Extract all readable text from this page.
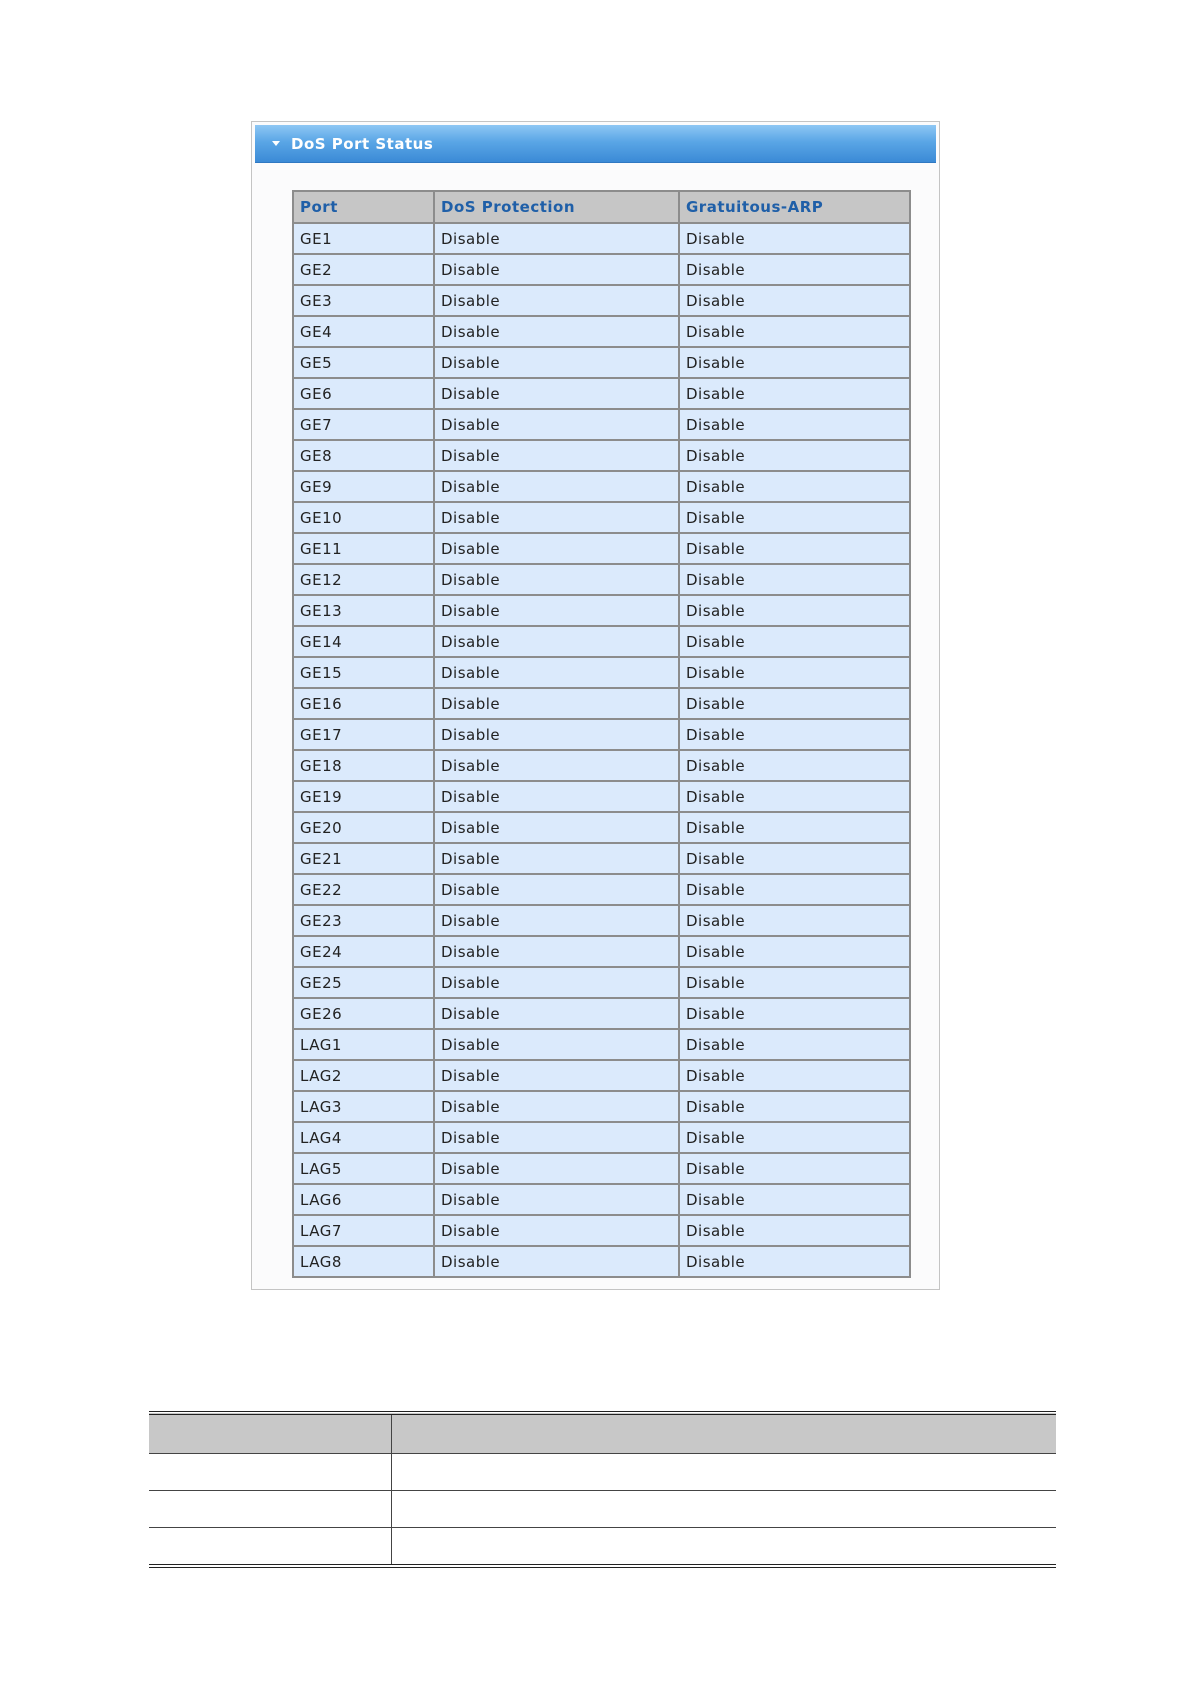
DoS Port Status
Port	DoS Protection	Gratuitous-ARP
GE1	Disable	Disable
GE2	Disable	Disable
GE3	Disable	Disable
GE4	Disable	Disable
GE5	Disable	Disable
GE6	Disable	Disable
GE7	Disable	Disable
GE8	Disable	Disable
GE9	Disable	Disable
GE10	Disable	Disable
GE11	Disable	Disable
GE12	Disable	Disable
GE13	Disable	Disable
GE14	Disable	Disable
GE15	Disable	Disable
GE16	Disable	Disable
GE17	Disable	Disable
GE18	Disable	Disable
GE19	Disable	Disable
GE20	Disable	Disable
GE21	Disable	Disable
GE22	Disable	Disable
GE23	Disable	Disable
GE24	Disable	Disable
GE25	Disable	Disable
GE26	Disable	Disable
LAG1	Disable	Disable
LAG2	Disable	Disable
LAG3	Disable	Disable
LAG4	Disable	Disable
LAG5	Disable	Disable
LAG6	Disable	Disable
LAG7	Disable	Disable
LAG8	Disable	Disable
